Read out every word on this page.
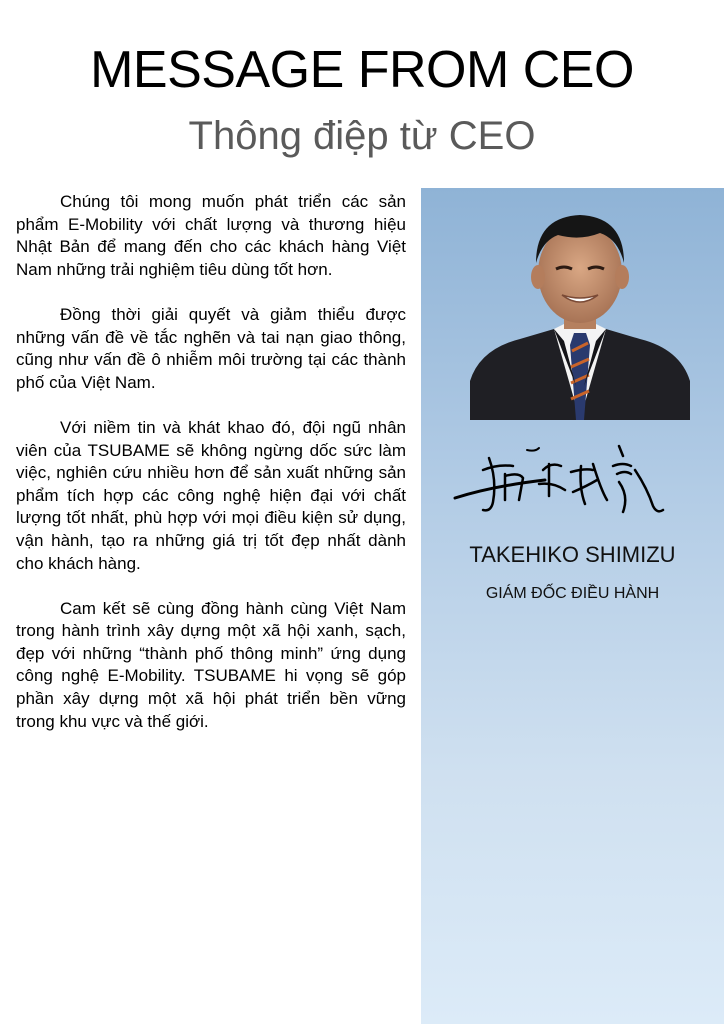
MESSAGE FROM CEO
Thông điệp từ CEO

Chúng tôi mong muốn phát triển các sản phẩm E-Mobility với chất lượng và thương hiệu Nhật Bản để mang đến cho các khách hàng Việt Nam những trải nghiệm tiêu dùng tốt hơn.

Đồng thời giải quyết và giảm thiểu được những vấn đề về tắc nghẽn và tai nạn giao thông, cũng như vấn đề ô nhiễm môi trường tại các thành phố của Việt Nam.

Với niềm tin và khát khao đó, đội ngũ nhân viên của TSUBAME sẽ không ngừng dốc sức làm việc, nghiên cứu nhiều hơn để sản xuất những sản phẩm tích hợp các công nghệ hiện đại với chất lượng tốt nhất, phù hợp với mọi điều kiện sử dụng, vận hành, tạo ra những giá trị tốt đẹp nhất dành cho khách hàng.

Cam kết sẽ cùng đồng hành cùng Việt Nam trong hành trình xây dựng một xã hội xanh, sạch, đẹp với những “thành phố thông minh” ứng dụng công nghệ E-Mobility. TSUBAME hi vọng sẽ góp phần xây dựng một xã hội phát triển bền vững trong khu vực và thế giới.

TAKEHIKO SHIMIZU
GIÁM ĐỐC ĐIỀU HÀNH
